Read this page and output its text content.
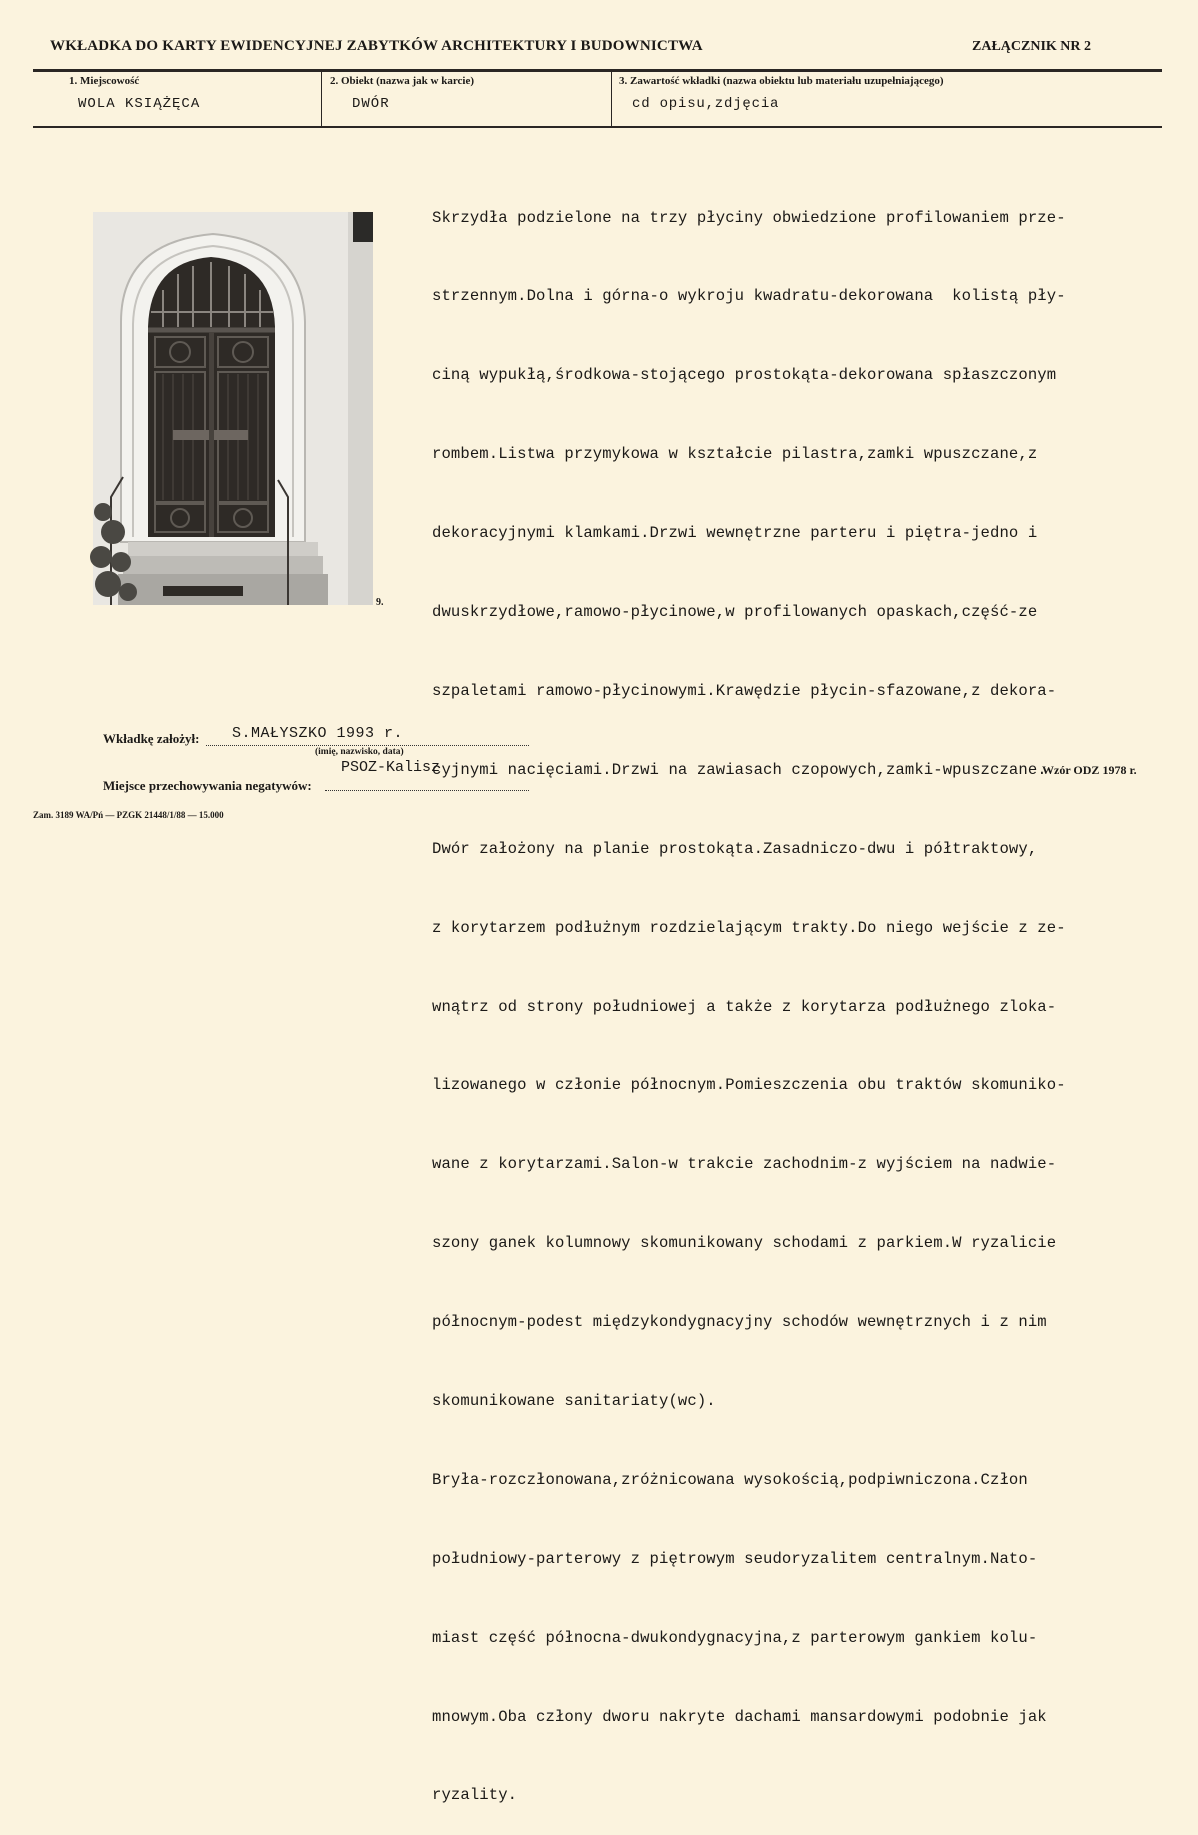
WKŁADKA DO KARTY EWIDENCYJNEJ ZABYTKÓW ARCHITEKTURY I BUDOWNICTWA	ZAŁĄCZNIK NR 2
1. Miejscowość
WOLA KSIĄŻĘCA
2. Obiekt (nazwa jak w karcie)
DWÓR
3. Zawartość wkładki (nazwa obiektu lub materiału uzupełniającego)
cd opisu,zdjęcia
9.

Skrzydła podzielone na trzy płyciny obwiedzione profilowaniem prze-

strzennym.Dolna i górna-o wykroju kwadratu-dekorowana  kolistą pły-

ciną wypukłą,środkowa-stojącego prostokąta-dekorowana spłaszczonym

rombem.Listwa przymykowa w kształcie pilastra,zamki wpuszczane,z

dekoracyjnymi klamkami.Drzwi wewnętrzne parteru i piętra-jedno i

dwuskrzydłowe,ramowo-płycinowe,w profilowanych opaskach,część-ze

szpaletami ramowo-płycinowymi.Krawędzie płycin-sfazowane,z dekora-

cyjnymi nacięciami.Drzwi na zawiasach czopowych,zamki-wpuszczane.

Dwór założony na planie prostokąta.Zasadniczo-dwu i półtraktowy,

z korytarzem podłużnym rozdzielającym trakty.Do niego wejście z ze-

wnątrz od strony południowej a także z korytarza podłużnego zloka-

lizowanego w członie północnym.Pomieszczenia obu traktów skomuniko-

wane z korytarzami.Salon-w trakcie zachodnim-z wyjściem na nadwie-

szony ganek kolumnowy skomunikowany schodami z parkiem.W ryzalicie

północnym-podest międzykondygnacyjny schodów wewnętrznych i z nim

skomunikowane sanitariaty(wc).

Bryła-rozczłonowana,zróżnicowana wysokością,podpiwniczona.Człon

południowy-parterowy z piętrowym seudoryzalitem centralnym.Nato-

miast część północna-dwukondygnacyjna,z parterowym gankiem kolu-

mnowym.Oba człony dworu nakryte dachami mansardowymi podobnie jak

ryzality.

Wkładkę założył: S.MAŁYSZKO 1993 r.
(imię, nazwisko, data)
PSOZ-Kalisz
Miejsce przechowywania negatywów:
Wzór ODZ 1978 r.
Zam. 3189 WA/Pń — PZGK 21448/1/88 — 15.000
